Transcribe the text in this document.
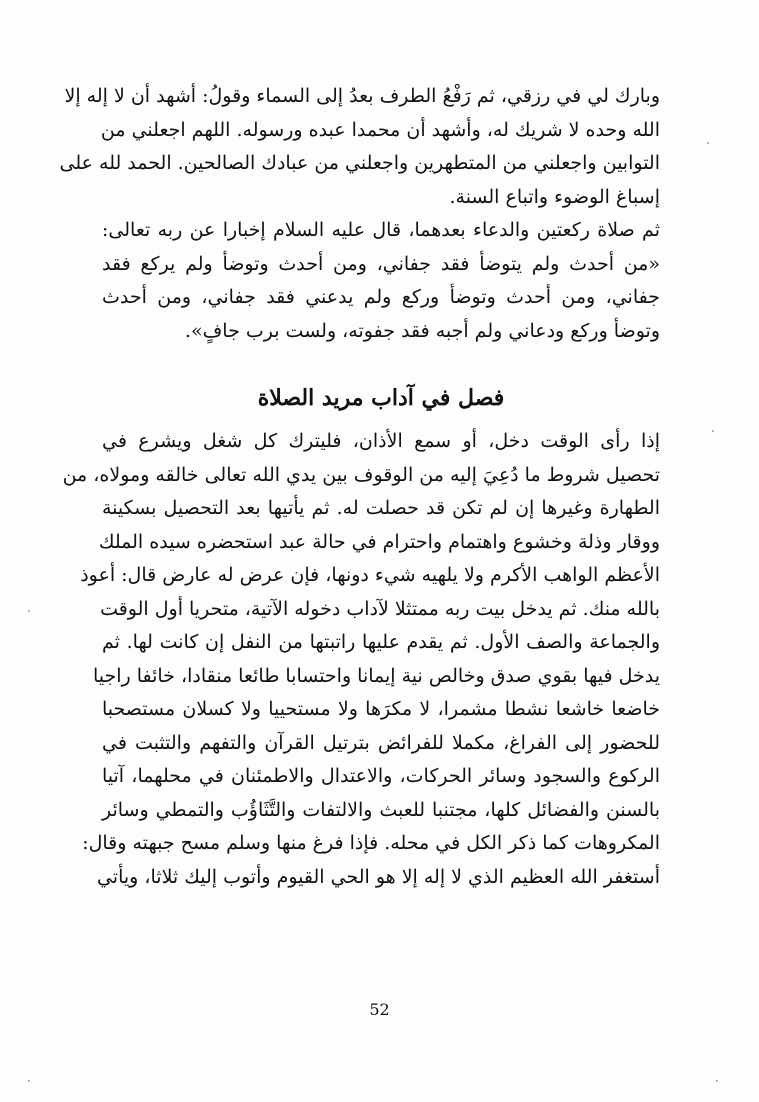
وبارك لي في رزقي، ثم رَفْعُ الطرف بعدُ إلى السماء وقولُ: أشهد أن لا إله إلا
الله وحده لا شريك له، وأشهد أن محمدا عبده ورسوله. اللهم اجعلني من
التوابين واجعلني من المتطهرين واجعلني من عبادك الصالحين. الحمد لله على
إسباغ الوضوء واتباع السنة.
ثم صلاة ركعتين والدعاء بعدهما، قال عليه السلام إخبارا عن ربه تعالى:
«من أحدث ولم يتوضأ فقد جفاني، ومن أحدث وتوضأ ولم يركع فقد
جفاني، ومن أحدث وتوضأ وركع ولم يدعني فقد جفاني، ومن أحدث
وتوضأ وركع ودعاني ولم أجبه فقد جفوته، ولست برب جافٍ».
فصل في آداب مريد الصلاة
إذا رأى الوقت دخل، أو سمع الأذان، فليترك كل شغل ويشرع في
تحصيل شروط ما دُعِيَ إليه من الوقوف بين يدي الله تعالى خالقه ومولاه، من
الطهارة وغيرها إن لم تكن قد حصلت له. ثم يأتيها بعد التحصيل بسكينة
ووقار وذلة وخشوع واهتمام واحترام في حالة عبد استحضره سيده الملك
الأعظم الواهب الأكرم ولا يلهيه شيء دونها، فإن عرض له عارض قال: أعوذ
بالله منك. ثم يدخل بيت ربه ممتثلا لآداب دخوله الآتية، متحريا أول الوقت
والجماعة والصف الأول. ثم يقدم عليها راتبتها من النفل إن كانت لها. ثم
يدخل فيها بقوي صدق وخالص نية إيمانا واحتسابا طائعا منقادا، خائفا راجيا
خاضعا خاشعا نشطا مشمرا، لا مكرَها ولا مستحييا ولا كسلان مستصحبا
للحضور إلى الفراغ، مكملا للفرائض بترتيل القرآن والتفهم والتثبت في
الركوع والسجود وسائر الحركات، والاعتدال والاطمئنان في محلهما، آتيا
بالسنن والفضائل كلها، مجتنبا للعبث والالتفات والتَّثَاؤُب والتمطي وسائر
المكروهات كما ذكر الكل في محله. فإذا فرغ منها وسلم مسح جبهته وقال:
أستغفر الله العظيم الذي لا إله إلا هو الحي القيوم وأتوب إليك ثلاثا، ويأتي
52
